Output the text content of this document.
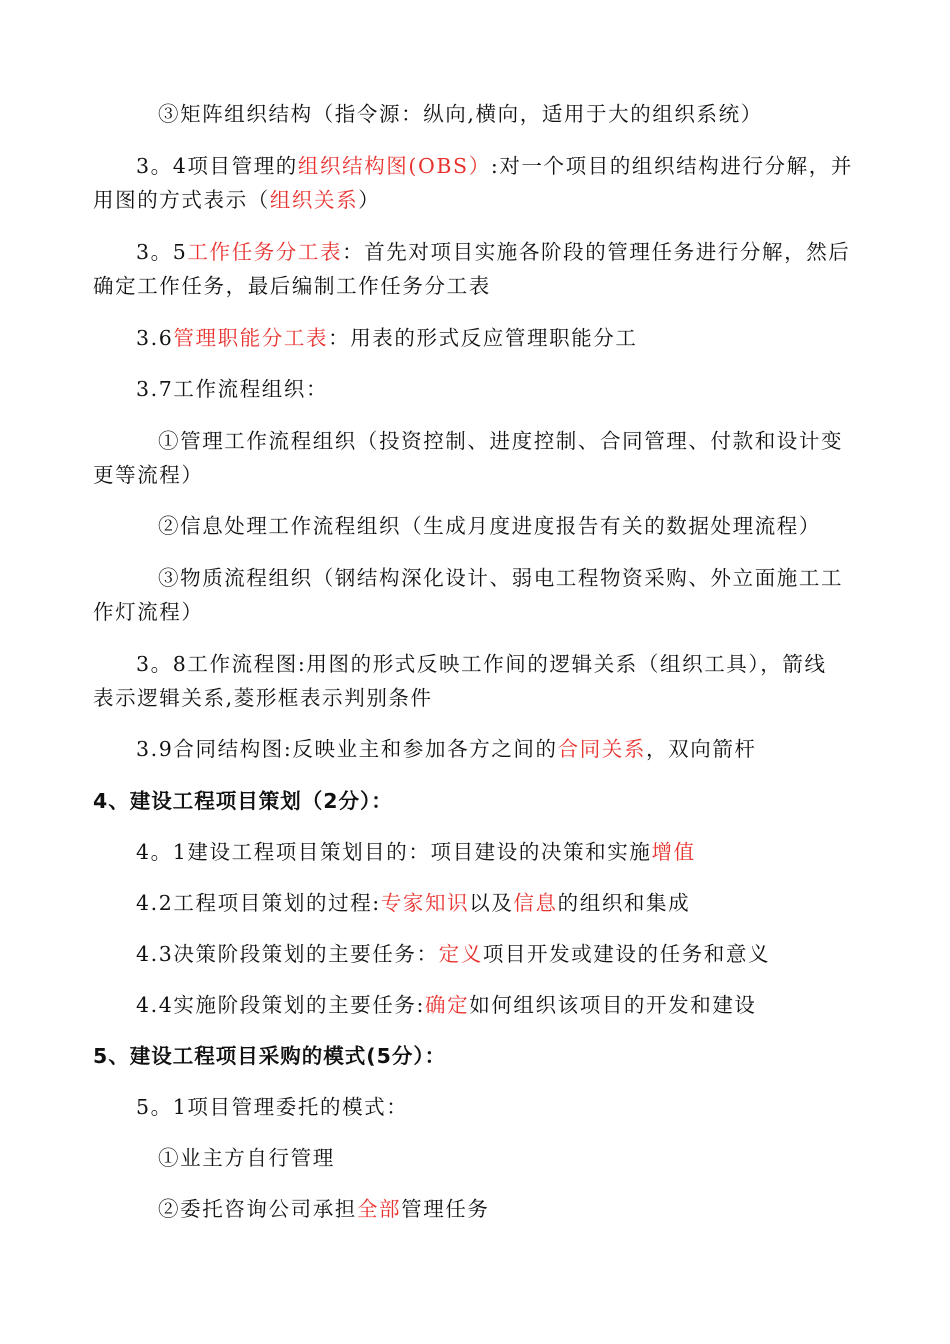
③矩阵组织结构（指令源：纵向,横向，适用于大的组织系统）
3。4项目管理的组织结构图(OBS）:对一个项目的组织结构进行分解，并
用图的方式表示（组织关系）
3。5工作任务分工表：首先对项目实施各阶段的管理任务进行分解，然后
确定工作任务，最后编制工作任务分工表
3.6管理职能分工表：用表的形式反应管理职能分工
3.7工作流程组织：
①管理工作流程组织（投资控制、进度控制、合同管理、付款和设计变
更等流程）
②信息处理工作流程组织（生成月度进度报告有关的数据处理流程）
③物质流程组织（钢结构深化设计、弱电工程物资采购、外立面施工工
作灯流程）
3。8工作流程图:用图的形式反映工作间的逻辑关系（组织工具），箭线
表示逻辑关系,菱形框表示判别条件
3.9合同结构图:反映业主和参加各方之间的合同关系，双向箭杆
4、建设工程项目策划（2分）：
4。1建设工程项目策划目的：项目建设的决策和实施增值
4.2工程项目策划的过程:专家知识以及信息的组织和集成
4.3决策阶段策划的主要任务：定义项目开发或建设的任务和意义
4.4实施阶段策划的主要任务:确定如何组织该项目的开发和建设
5、建设工程项目采购的模式(5分）：
5。1项目管理委托的模式：
①业主方自行管理
②委托咨询公司承担全部管理任务
